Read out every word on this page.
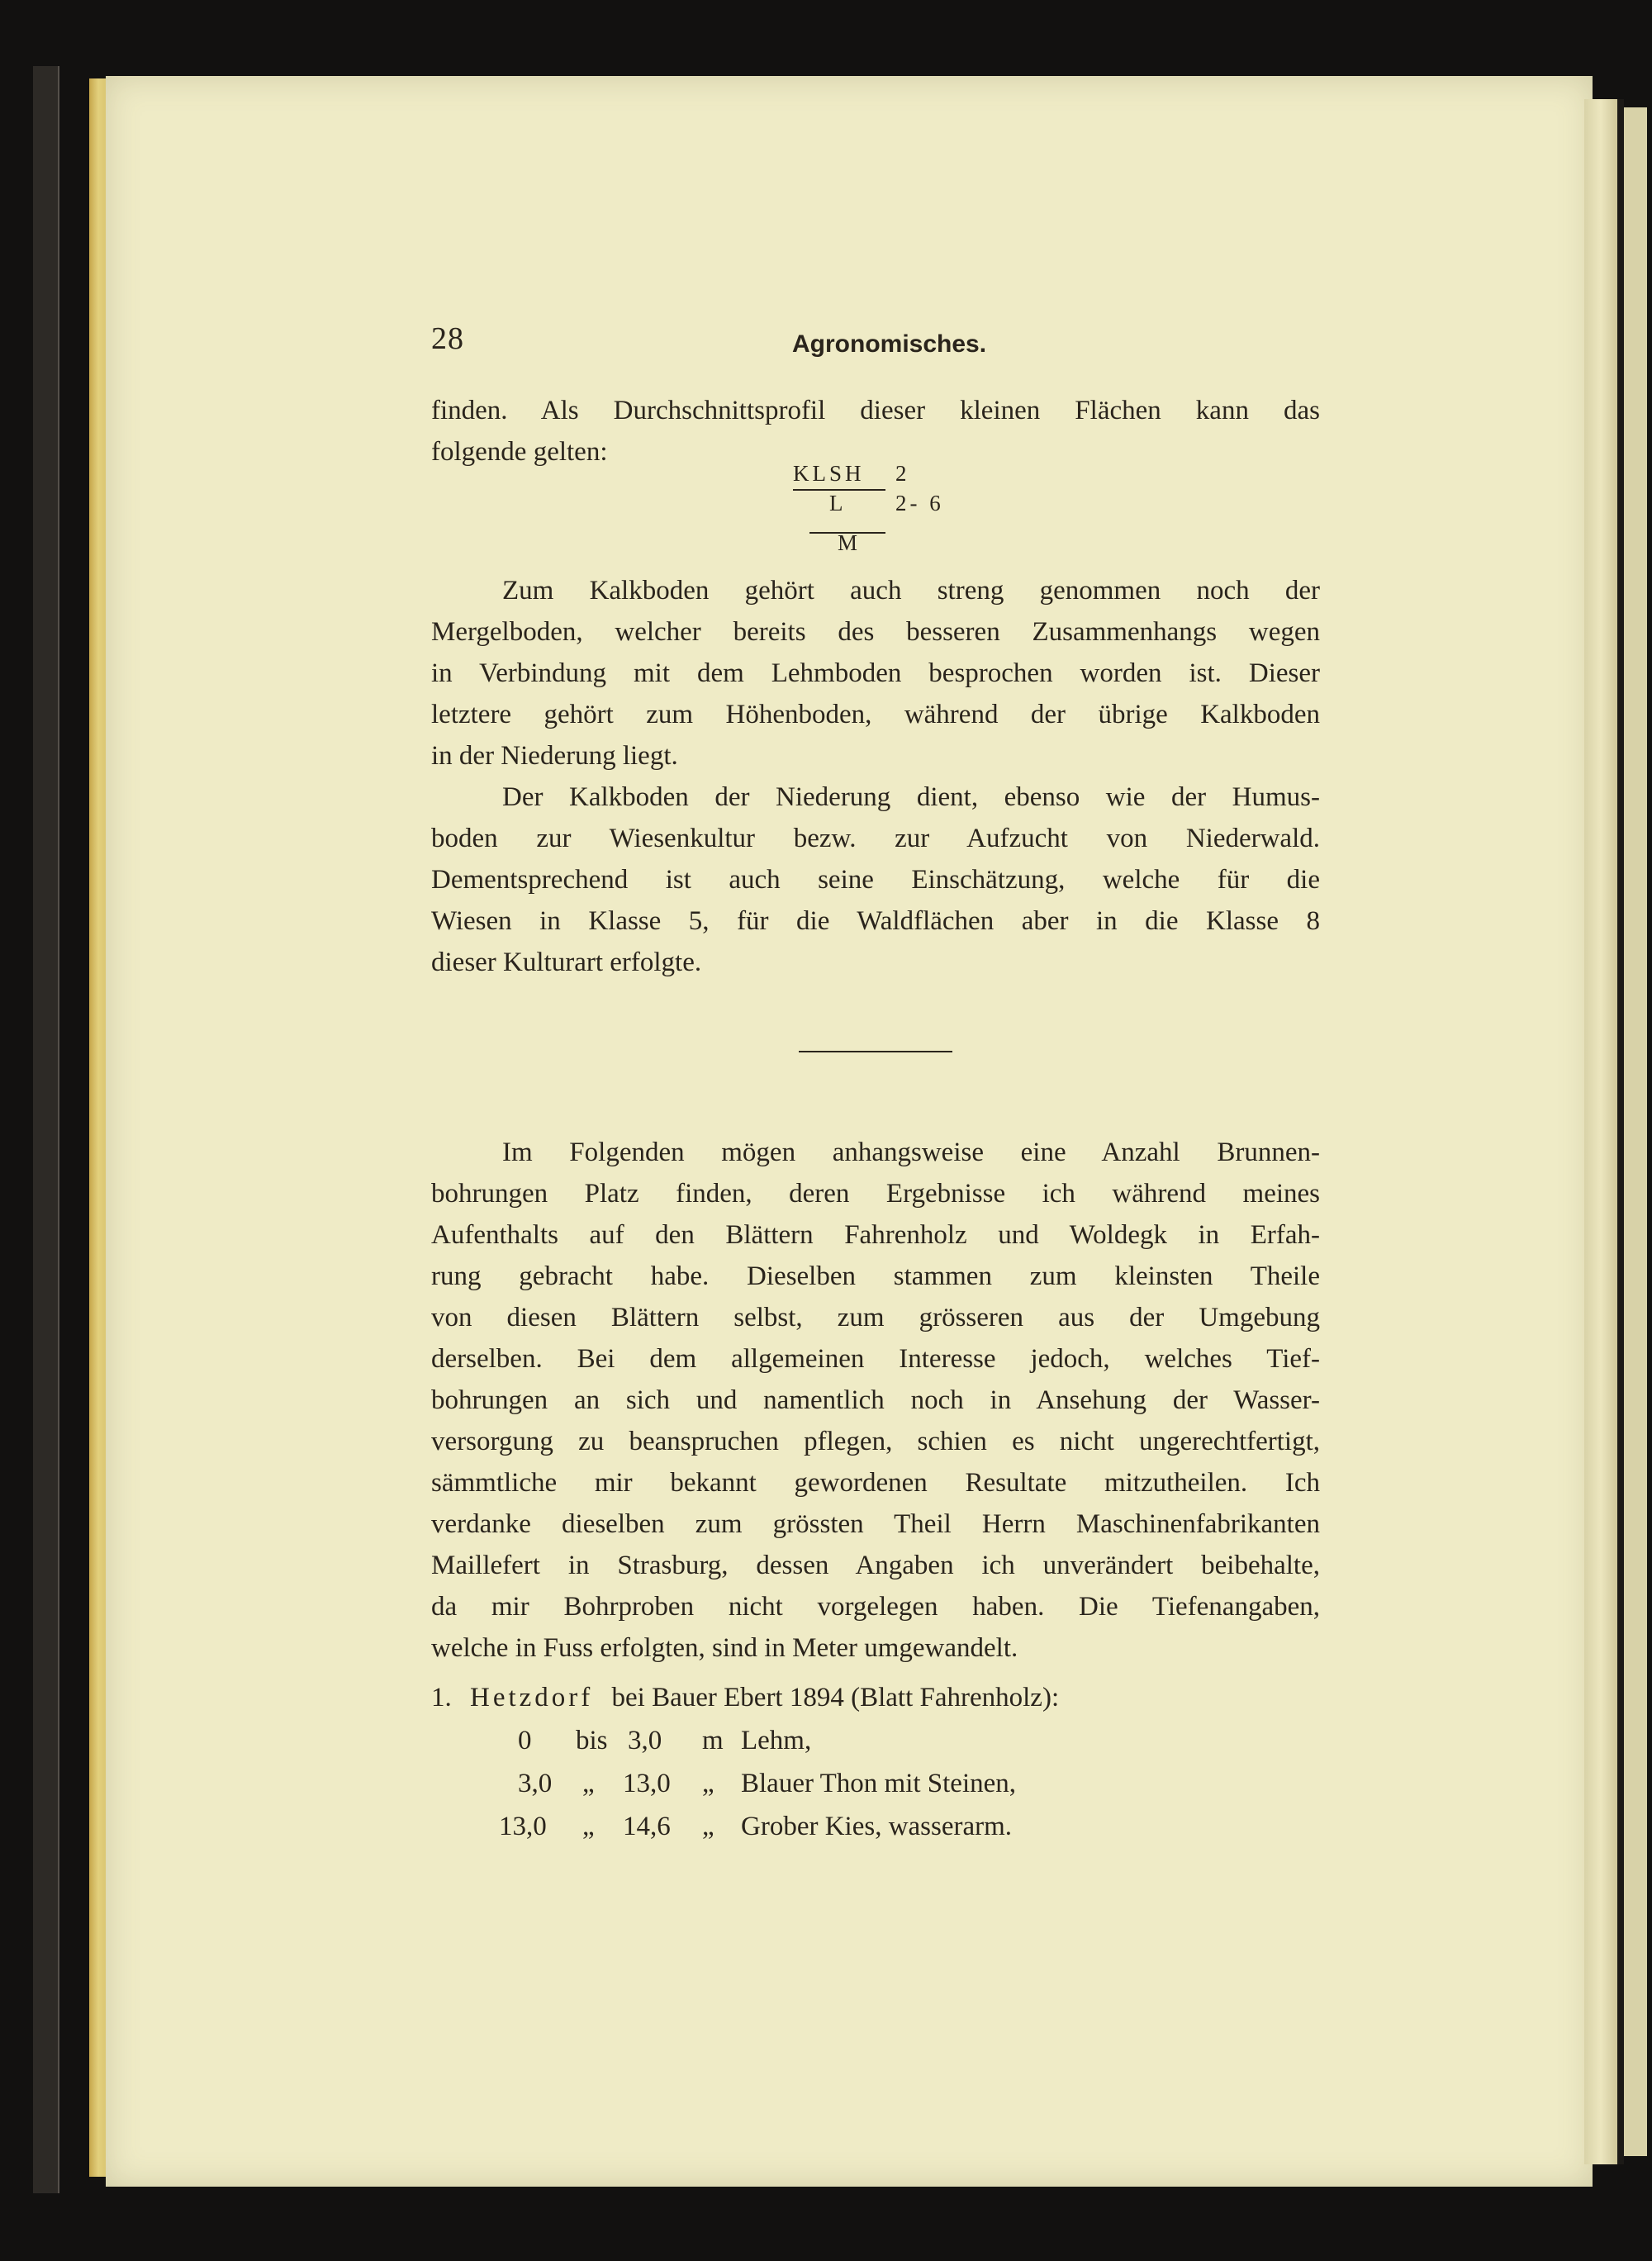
28	Agronomisches.
finden. Als Durchschnittsprofil dieser kleinen Flächen kann das
folgende gelten:
KLSH 2
L 2- 6
M
Zum Kalkboden gehört auch streng genommen noch der
Mergelboden, welcher bereits des besseren Zusammenhangs wegen
in Verbindung mit dem Lehmboden besprochen worden ist. Dieser
letztere gehört zum Höhenboden, während der übrige Kalkboden
in der Niederung liegt.
Der Kalkboden der Niederung dient, ebenso wie der Humus-
boden zur Wiesenkultur bezw. zur Aufzucht von Niederwald.
Dementsprechend ist auch seine Einschätzung, welche für die
Wiesen in Klasse 5, für die Waldflächen aber in die Klasse 8
dieser Kulturart erfolgte.
Im Folgenden mögen anhangsweise eine Anzahl Brunnen-
bohrungen Platz finden, deren Ergebnisse ich während meines
Aufenthalts auf den Blättern Fahrenholz und Woldegk in Erfah-
rung gebracht habe. Dieselben stammen zum kleinsten Theile
von diesen Blättern selbst, zum grösseren aus der Umgebung
derselben. Bei dem allgemeinen Interesse jedoch, welches Tief-
bohrungen an sich und namentlich noch in Ansehung der Wasser-
versorgung zu beanspruchen pflegen, schien es nicht ungerechtfertigt,
sämmtliche mir bekannt gewordenen Resultate mitzutheilen. Ich
verdanke dieselben zum grössten Theil Herrn Maschinenfabrikanten
Maillefert in Strasburg, dessen Angaben ich unverändert beibehalte,
da mir Bohrproben nicht vorgelegen haben. Die Tiefenangaben,
welche in Fuss erfolgten, sind in Meter umgewandelt.
1. Hetzdorf bei Bauer Ebert 1894 (Blatt Fahrenholz):
0 bis 3,0 m Lehm,
3,0 „ 13,0 „ Blauer Thon mit Steinen,
13,0 „ 14,6 „ Grober Kies, wasserarm.
